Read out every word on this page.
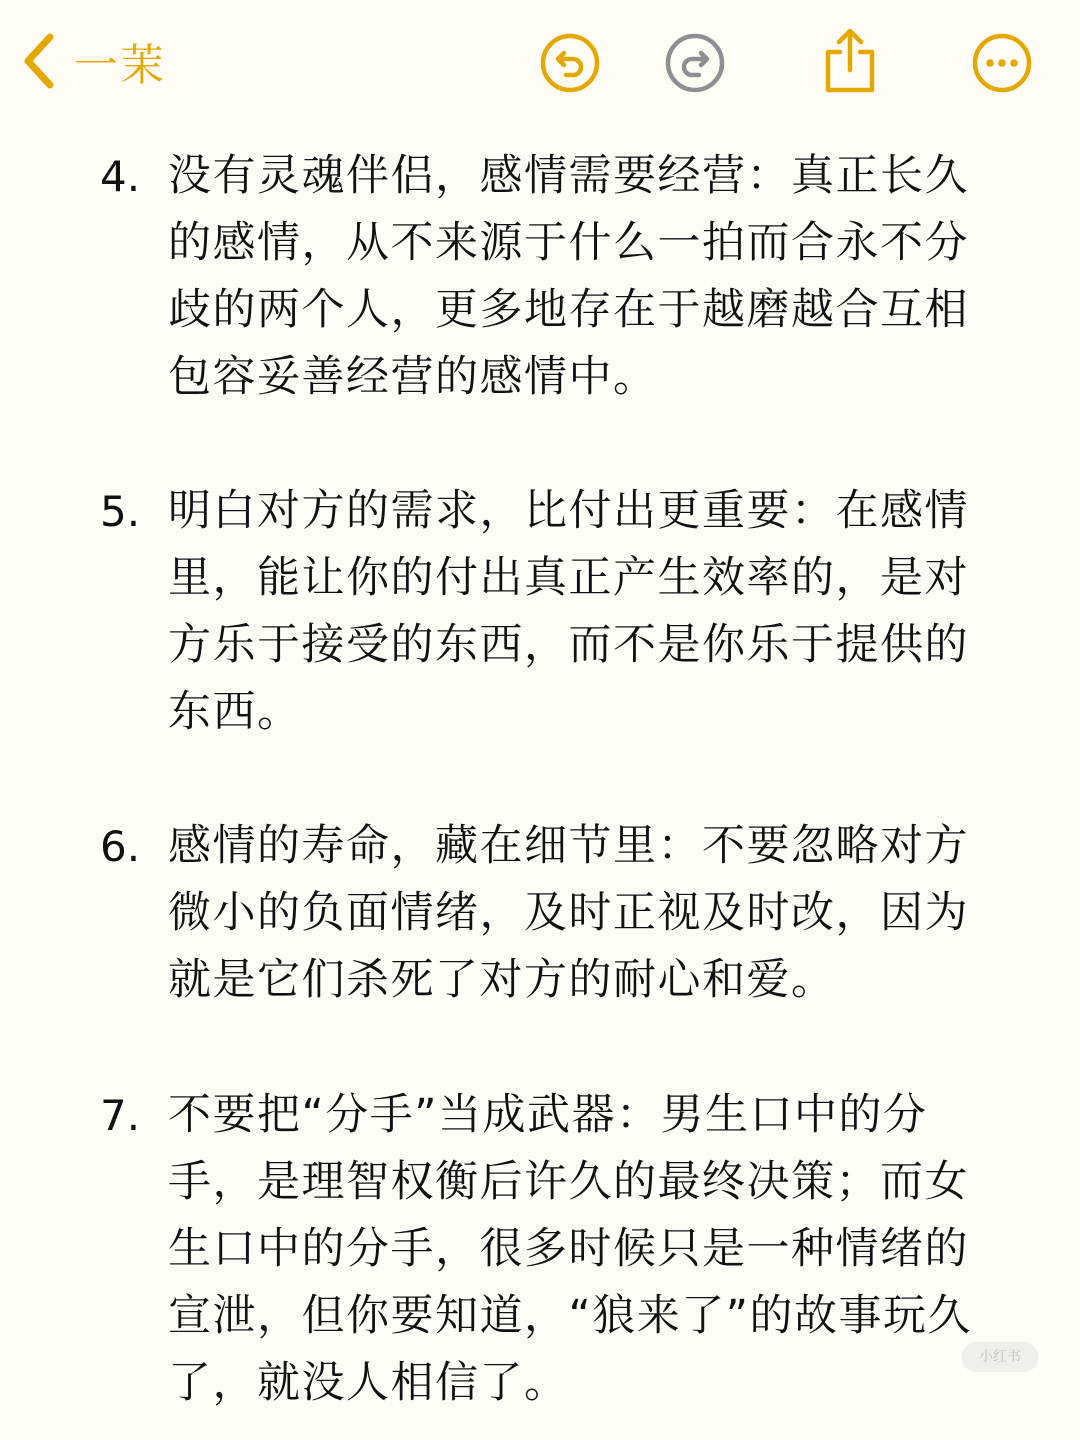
一茉
4. 没有灵魂伴侣，感情需要经营：真正长久的感情，从不来源于什么一拍而合永不分歧的两个人，更多地存在于越磨越合互相包容妥善经营的感情中。
5. 明白对方的需求，比付出更重要：在感情里，能让你的付出真正产生效率的，是对方乐于接受的东西，而不是你乐于提供的东西。
6. 感情的寿命，藏在细节里：不要忽略对方微小的负面情绪，及时正视及时改，因为就是它们杀死了对方的耐心和爱。
7. 不要把“分手”当成武器：男生口中的分手，是理智权衡后许久的最终决策；而女生口中的分手，很多时候只是一种情绪的宣泄，但你要知道，“狼来了”的故事玩久了，就没人相信了。
小红书
